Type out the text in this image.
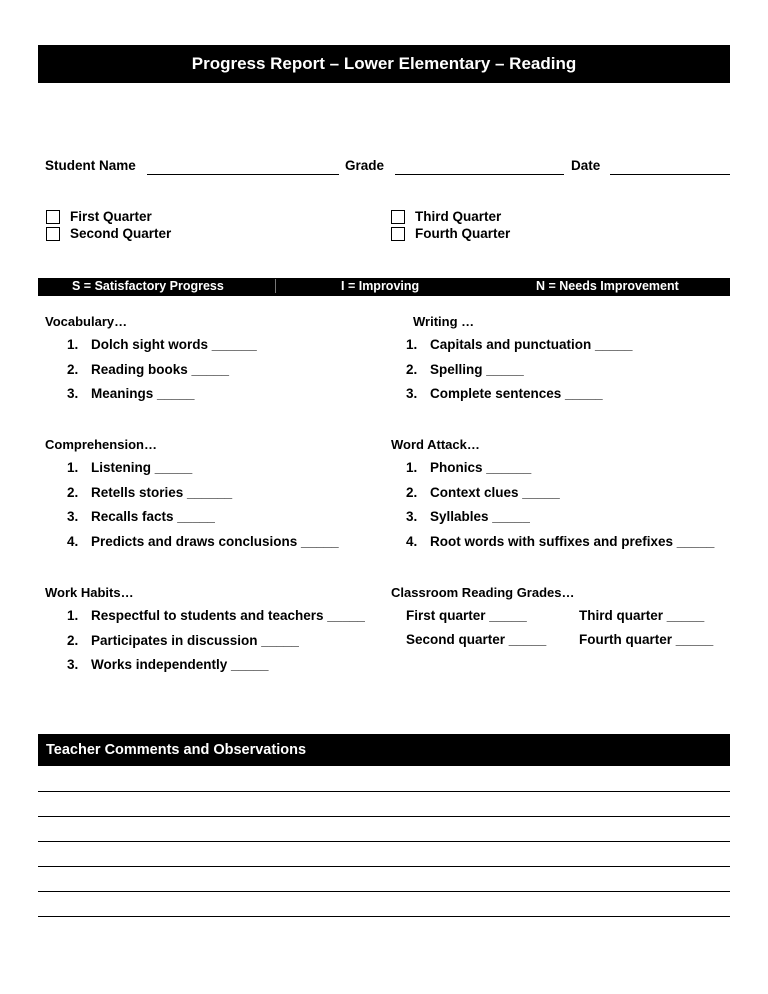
Progress Report – Lower Elementary – Reading
Student Name	Grade	Date
First Quarter
Second Quarter
Third Quarter
Fourth Quarter
S = Satisfactory Progress	I = Improving	N = Needs Improvement
Vocabulary…
1. Dolch sight words ______
2. Reading books _____
3. Meanings _____
Writing …
1. Capitals and punctuation _____
2. Spelling _____
3. Complete sentences _____
Comprehension…
1. Listening _____
2. Retells stories ______
3. Recalls facts _____
4. Predicts and draws conclusions _____
Word Attack…
1. Phonics ______
2. Context clues _____
3. Syllables _____
4. Root words with suffixes and prefixes _____
Work Habits…
1. Respectful to students and teachers _____
2. Participates in discussion _____
3. Works independently _____
Classroom Reading Grades…
First quarter _____	Third quarter _____
Second quarter _____ Fourth quarter _____
Teacher Comments and Observations
